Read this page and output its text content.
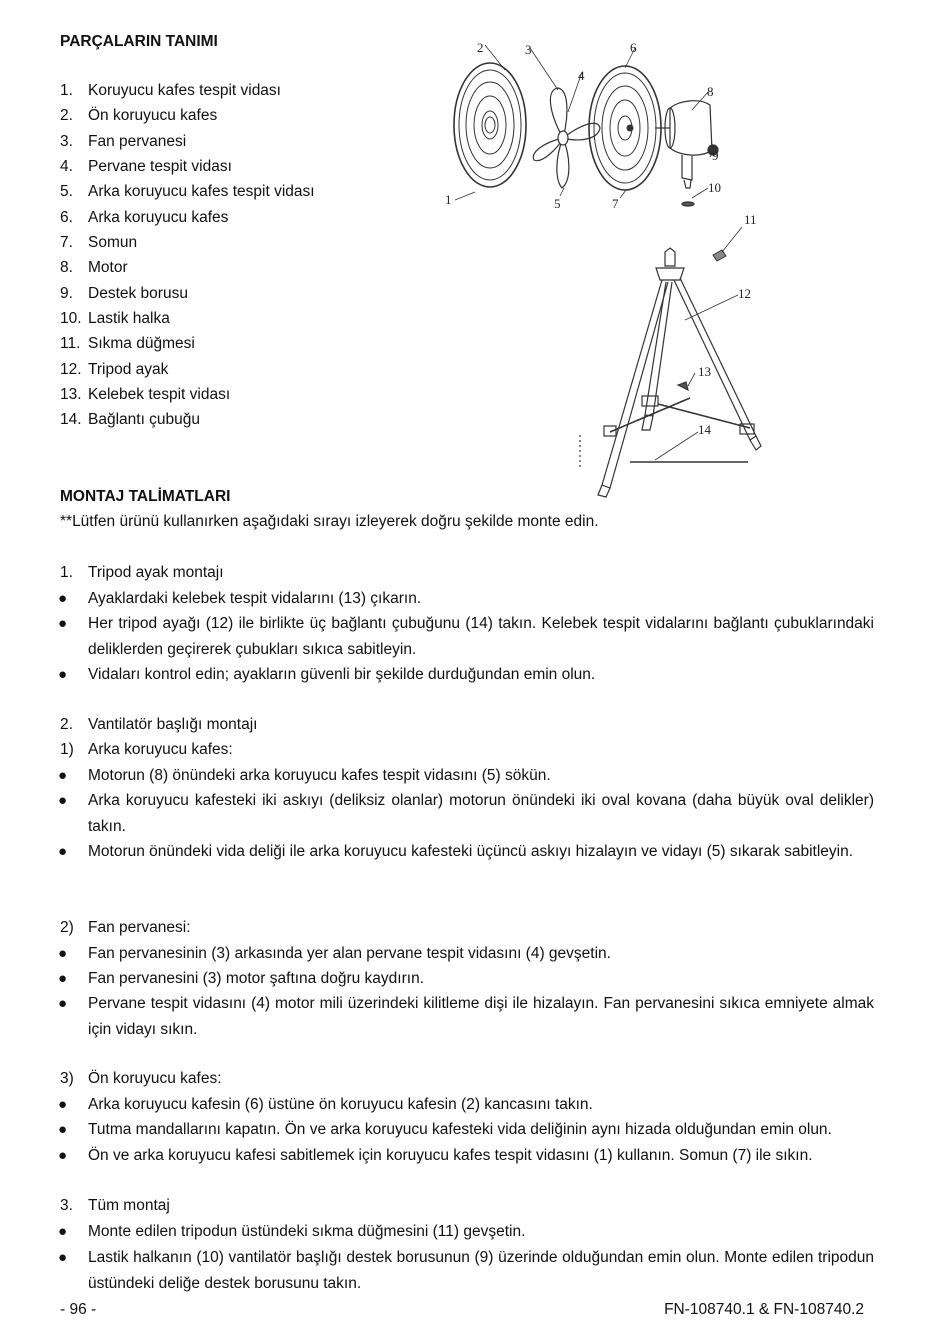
PARÇALARIN TANIMI
1. Koruyucu kafes tespit vidası
2. Ön koruyucu kafes
3. Fan pervanesi
4. Pervane tespit vidası
5. Arka koruyucu kafes tespit vidası
6. Arka koruyucu kafes
7. Somun
8. Motor
9. Destek borusu
10. Lastik halka
11. Sıkma düğmesi
12. Tripod ayak
13. Kelebek tespit vidası
14. Bağlantı çubuğu
2	3
4
6
8
9
10
11
12
13
14
1	5	7
MONTAJ TALİMATLARI
**Lütfen ürünü kullanırken aşağıdaki sırayı izleyerek doğru şekilde monte edin.
1. Tripod ayak montajı
● Ayaklardaki kelebek tespit vidalarını (13) çıkarın.
● Her tripod ayağı (12) ile birlikte üç bağlantı çubuğunu (14) takın. Kelebek tespit vidalarını bağlantı çubuklarındaki deliklerden geçirerek çubukları sıkıca sabitleyin.
● Vidaları kontrol edin; ayakların güvenli bir şekilde durduğundan emin olun.
2. Vantilatör başlığı montajı
1) Arka koruyucu kafes:
● Motorun (8) önündeki arka koruyucu kafes tespit vidasını (5) sökün.
● Arka koruyucu kafesteki iki askıyı (deliksiz olanlar) motorun önündeki iki oval kovana (daha büyük oval delikler) takın.
● Motorun önündeki vida deliği ile arka koruyucu kafesteki üçüncü askıyı hizalayın ve vidayı (5) sıkarak sabitleyin.
2) Fan pervanesi:
● Fan pervanesinin (3) arkasında yer alan pervane tespit vidasını (4) gevşetin.
● Fan pervanesini (3) motor şaftına doğru kaydırın.
● Pervane tespit vidasını (4) motor mili üzerindeki kilitleme dişi ile hizalayın. Fan pervanesini sıkıca emniyete almak için vidayı sıkın.
3) Ön koruyucu kafes:
● Arka koruyucu kafesin (6) üstüne ön koruyucu kafesin (2) kancasını takın.
● Tutma mandallarını kapatın. Ön ve arka koruyucu kafesteki vida deliğinin aynı hizada olduğundan emin olun.
● Ön ve arka koruyucu kafesi sabitlemek için koruyucu kafes tespit vidasını (1) kullanın. Somun (7) ile sıkın.
3. Tüm montaj
● Monte edilen tripodun üstündeki sıkma düğmesini (11) gevşetin.
● Lastik halkanın (10) vantilatör başlığı destek borusunun (9) üzerinde olduğundan emin olun. Monte edilen tripodun üstündeki deliğe destek borusunu takın.
- 96 -	FN-108740.1 & FN-108740.2
